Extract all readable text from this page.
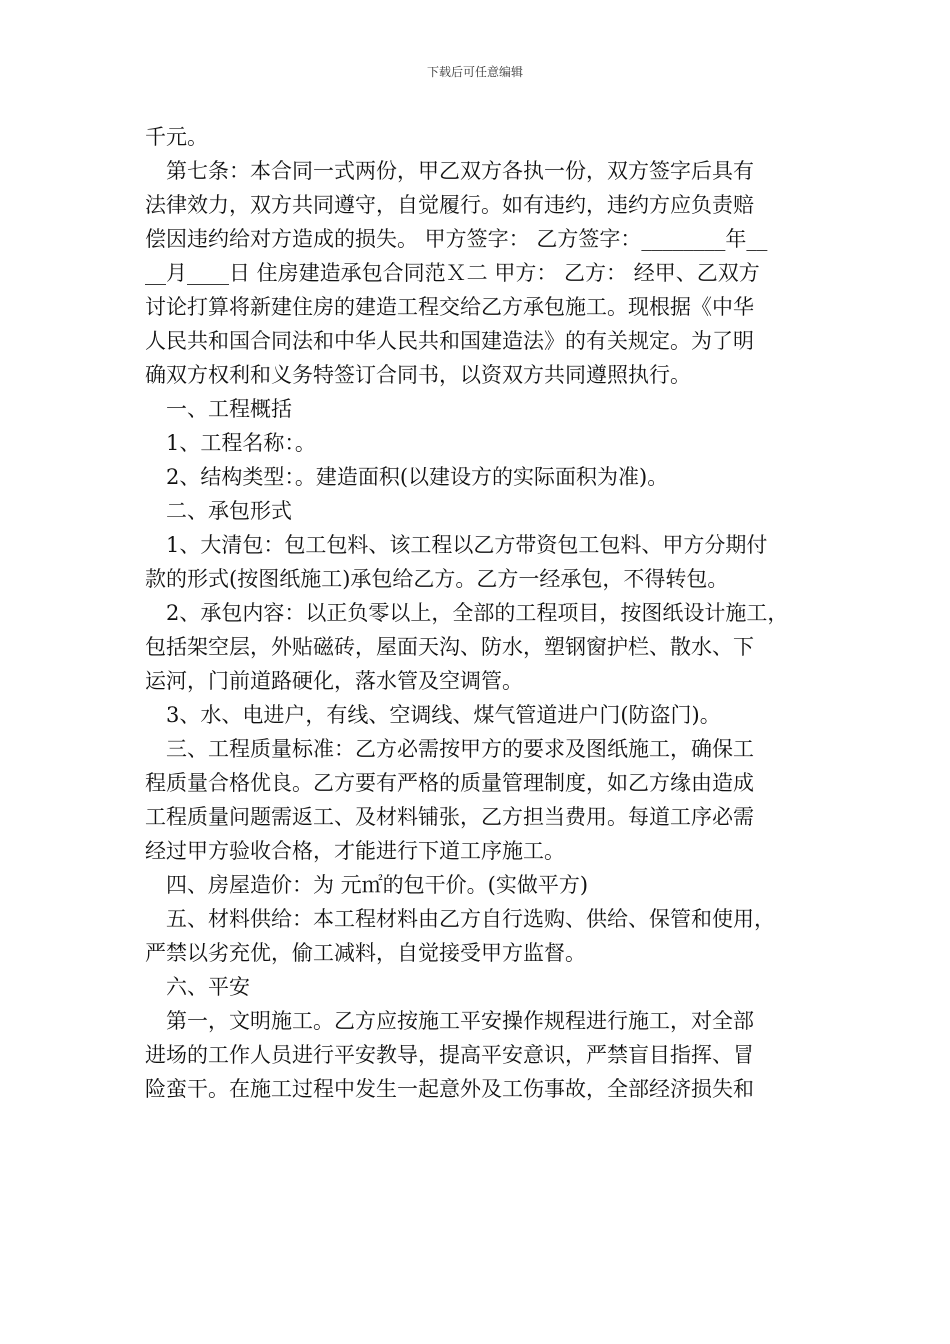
下载后可任意编辑
千元。
　第七条：本合同一式两份，甲乙双方各执一份，双方签字后具有
法律效力，双方共同遵守，自觉履行。如有违约，违约方应负责赔
偿因违约给对方造成的损失。 甲方签字： 乙方签字：________年__
__月____日 住房建造承包合同范Ｘ二 甲方： 乙方： 经甲、乙双方
讨论打算将新建住房的建造工程交给乙方承包施工。现根据《中华
人民共和国合同法和中华人民共和国建造法》的有关规定。为了明
确双方权利和义务特签订合同书，以资双方共同遵照执行。
　一、工程概括
　1、工程名称：。
　2、结构类型：。建造面积(以建设方的实际面积为准)。
　二、承包形式
　1、大清包：包工包料、该工程以乙方带资包工包料、甲方分期付
款的形式(按图纸施工)承包给乙方。乙方一经承包，不得转包。
　2、承包内容：以正负零以上，全部的工程项目，按图纸设计施工，
包括架空层，外贴磁砖，屋面天沟、防水，塑钢窗护栏、散水、下
运河，门前道路硬化，落水管及空调管。
　3、水、电进户，有线、空调线、煤气管道进户门(防盗门)。
　三、工程质量标准：乙方必需按甲方的要求及图纸施工，确保工
程质量合格优良。乙方要有严格的质量管理制度，如乙方缘由造成
工程质量问题需返工、及材料铺张，乙方担当费用。每道工序必需
经过甲方验收合格，才能进行下道工序施工。
　四、房屋造价：为 元㎡的包干价。(实做平方)
　五、材料供给：本工程材料由乙方自行选购、供给、保管和使用，
严禁以劣充优，偷工减料，自觉接受甲方监督。
　六、平安
　第一，文明施工。乙方应按施工平安操作规程进行施工，对全部
进场的工作人员进行平安教导，提高平安意识，严禁盲目指挥、冒
险蛮干。在施工过程中发生一起意外及工伤事故，全部经济损失和
